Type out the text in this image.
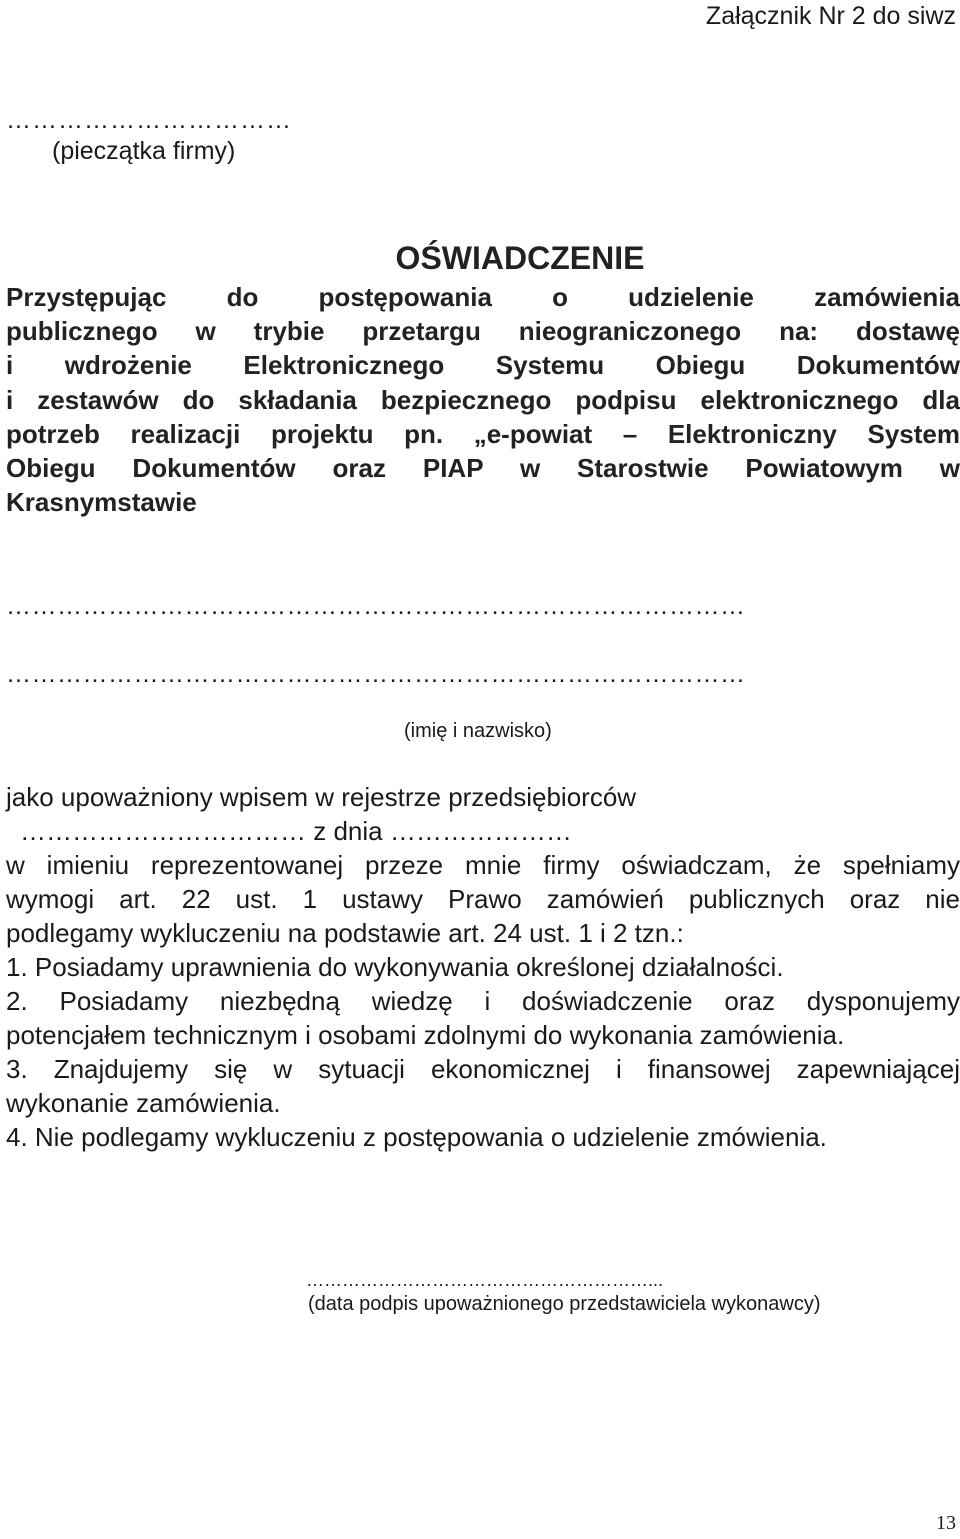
Załącznik Nr 2 do siwz
……………………………
(pieczątka firmy)
OŚWIADCZENIE
Przystępując do postępowania o udzielenie zamówienia
publicznego w trybie przetargu nieograniczonego na: dostawę
i wdrożenie Elektronicznego Systemu Obiegu Dokumentów
i zestawów do składania bezpiecznego podpisu elektronicznego dla
potrzeb realizacji projektu pn. „e-powiat – Elektroniczny System
Obiegu Dokumentów oraz PIAP w Starostwie Powiatowym w
Krasnymstawie
……………………………………………………………………………
……………………………………………………………………………
(imię i nazwisko)
jako upoważniony wpisem w rejestrze przedsiębiorców
…………………………… z dnia …………………
w imieniu reprezentowanej przeze mnie firmy oświadczam, że spełniamy
wymogi art. 22 ust. 1 ustawy Prawo zamówień publicznych oraz nie
podlegamy wykluczeniu na podstawie art. 24 ust. 1 i 2 tzn.:
1. Posiadamy uprawnienia do wykonywania określonej działalności.
2. Posiadamy niezbędną wiedzę i doświadczenie oraz dysponujemy
potencjałem technicznym i osobami zdolnymi do wykonania zamówienia.
3. Znajdujemy się w sytuacji ekonomicznej i finansowej zapewniającej
wykonanie zamówienia.
4. Nie podlegamy wykluczeniu z postępowania o udzielenie zmówienia.
…………………………………………………...
(data podpis upoważnionego przedstawiciela wykonawcy)
13
